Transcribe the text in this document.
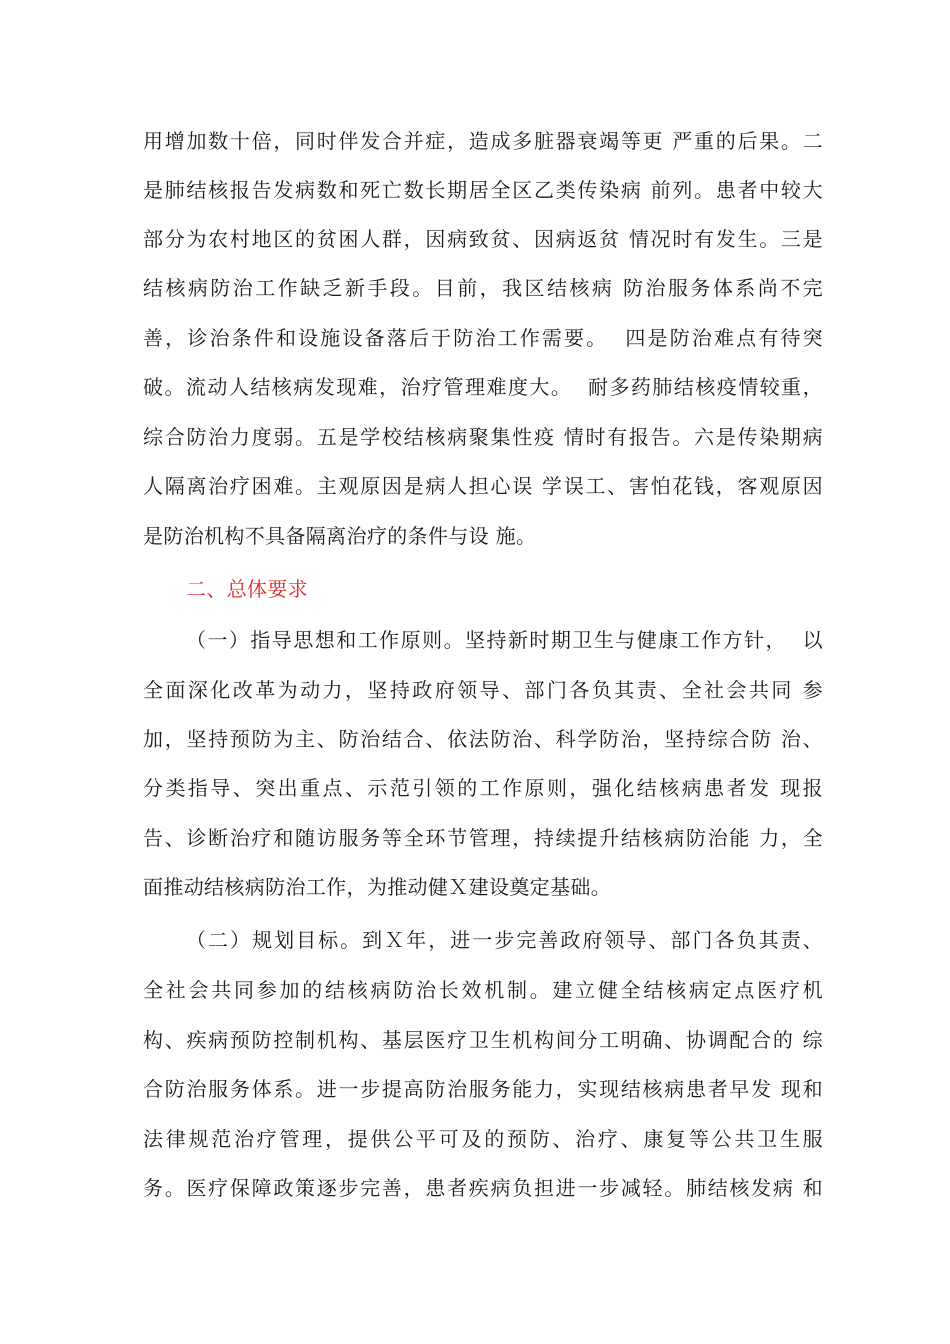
用增加数十倍，同时伴发合并症，造成多脏器衰竭等更 严重的后果。二
是肺结核报告发病数和死亡数长期居全区乙类传染病 前列。患者中较大
部分为农村地区的贫困人群，因病致贫、因病返贫 情况时有发生。三是
结核病防治工作缺乏新手段。目前，我区结核病 防治服务体系尚不完
善，诊治条件和设施设备落后于防治工作需要。  四是防治难点有待突
破。流动人结核病发现难，治疗管理难度大。  耐多药肺结核疫情较重，
综合防治力度弱。五是学校结核病聚集性疫 情时有报告。六是传染期病
人隔离治疗困难。主观原因是病人担心误 学误工、害怕花钱，客观原因
是防治机构不具备隔离治疗的条件与设 施。
二、总体要求
（一）指导思想和工作原则。坚持新时期卫生与健康工作方针，  以
全面深化改革为动力，坚持政府领导、部门各负其责、全社会共同 参
加，坚持预防为主、防治结合、依法防治、科学防治，坚持综合防 治、
分类指导、突出重点、示范引领的工作原则，强化结核病患者发 现报
告、诊断治疗和随访服务等全环节管理，持续提升结核病防治能 力，全
面推动结核病防治工作，为推动健Ｘ建设奠定基础。
（二）规划目标。到Ｘ年，进一步完善政府领导、部门各负其责、
全社会共同参加的结核病防治长效机制。建立健全结核病定点医疗机
构、疾病预防控制机构、基层医疗卫生机构间分工明确、协调配合的 综
合防治服务体系。进一步提高防治服务能力，实现结核病患者早发 现和
法律规范治疗管理，提供公平可及的预防、治疗、康复等公共卫生服
务。医疗保障政策逐步完善，患者疾病负担进一步减轻。肺结核发病 和
